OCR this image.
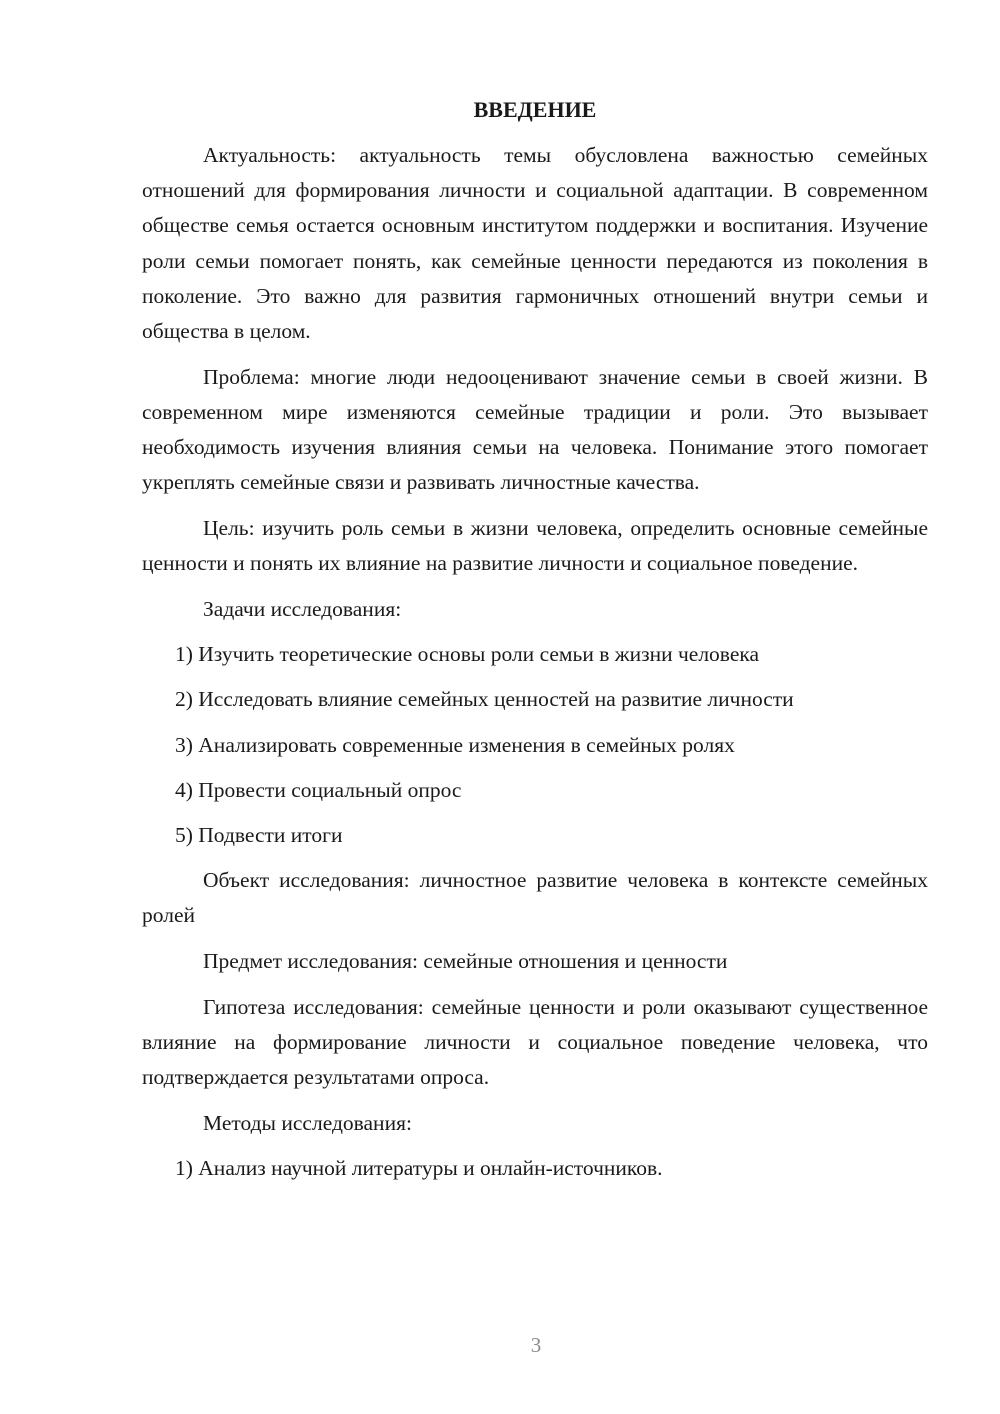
ВВЕДЕНИЕ

Актуальность: актуальность темы обусловлена важностью семейных отношений для формирования личности и социальной адаптации. В современном обществе семья остается основным институтом поддержки и воспитания. Изучение роли семьи помогает понять, как семейные ценности передаются из поколения в поколение. Это важно для развития гармоничных отношений внутри семьи и общества в целом.

Проблема: многие люди недооценивают значение семьи в своей жизни. В современном мире изменяются семейные традиции и роли. Это вызывает необходимость изучения влияния семьи на человека. Понимание этого помогает укреплять семейные связи и развивать личностные качества.

Цель: изучить роль семьи в жизни человека, определить основные семейные ценности и понять их влияние на развитие личности и социальное поведение.

Задачи исследования:

1) Изучить теоретические основы роли семьи в жизни человека

2) Исследовать влияние семейных ценностей на развитие личности

3) Анализировать современные изменения в семейных ролях

4) Провести социальный опрос

5) Подвести итоги

Объект исследования: личностное развитие человека в контексте семейных ролей

Предмет исследования: семейные отношения и ценности

Гипотеза исследования: семейные ценности и роли оказывают существенное влияние на формирование личности и социальное поведение человека, что подтверждается результатами опроса.

Методы исследования:

1) Анализ научной литературы и онлайн-источников.

3
